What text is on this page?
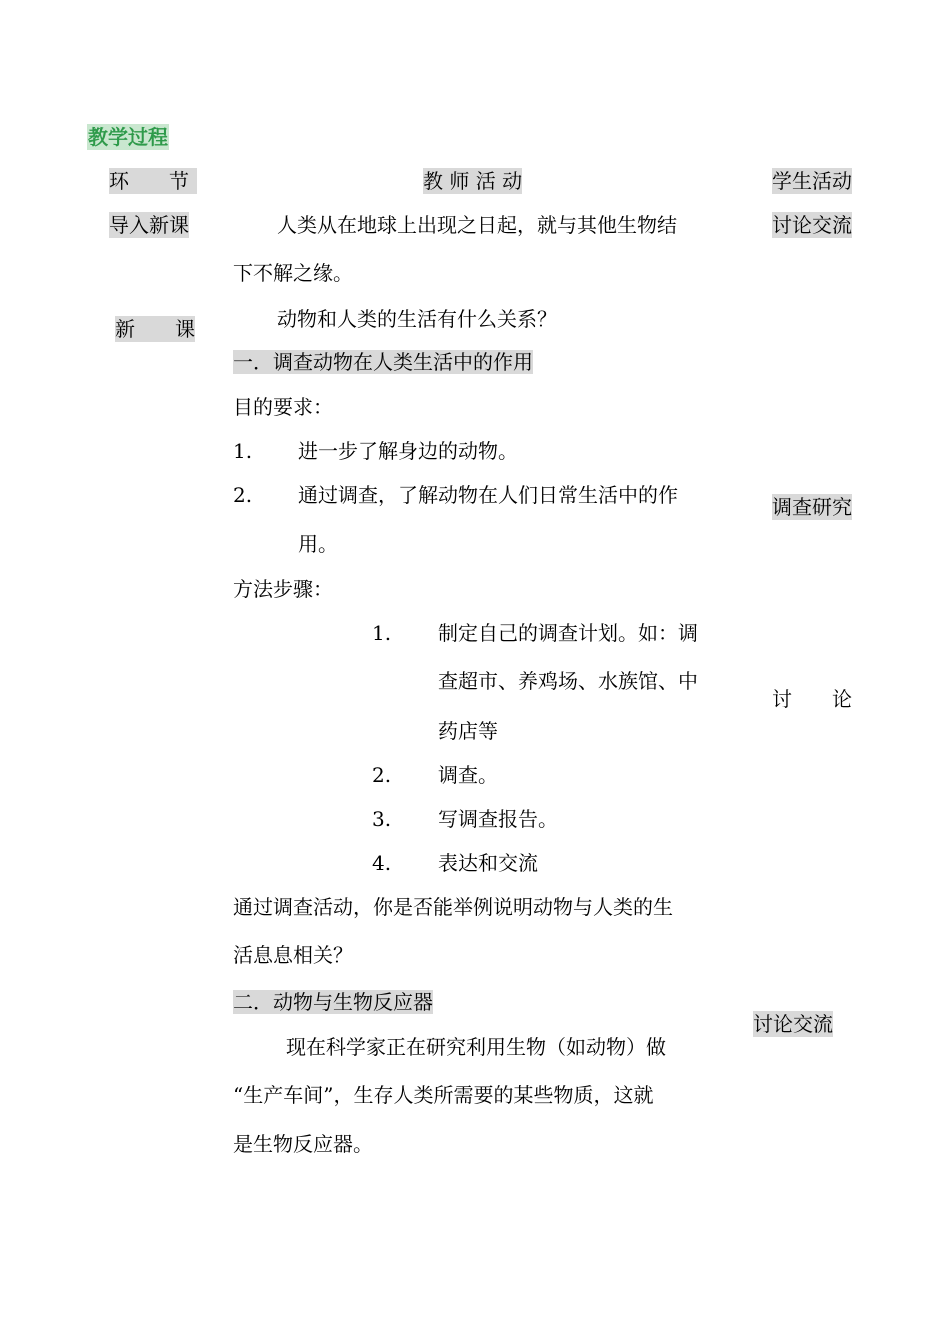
教学过程
环　　节	教 师 活 动	学生活动
导入新课
新　　课
讨论交流
调查研究
讨　　论
讨论交流
人类从在地球上出现之日起，就与其他生物结
下不解之缘。
动物和人类的生活有什么关系？
一．调查动物在人类生活中的作用
目的要求：
1. 进一步了解身边的动物。
2. 通过调查，了解动物在人们日常生活中的作
用。
方法步骤：
1. 制定自己的调查计划。如：调
查超市、养鸡场、水族馆、中
药店等
2. 调查。
3. 写调查报告。
4. 表达和交流
通过调查活动，你是否能举例说明动物与人类的生
活息息相关？
二．动物与生物反应器
现在科学家正在研究利用生物（如动物）做
“生产车间”，生存人类所需要的某些物质，这就
是生物反应器。
